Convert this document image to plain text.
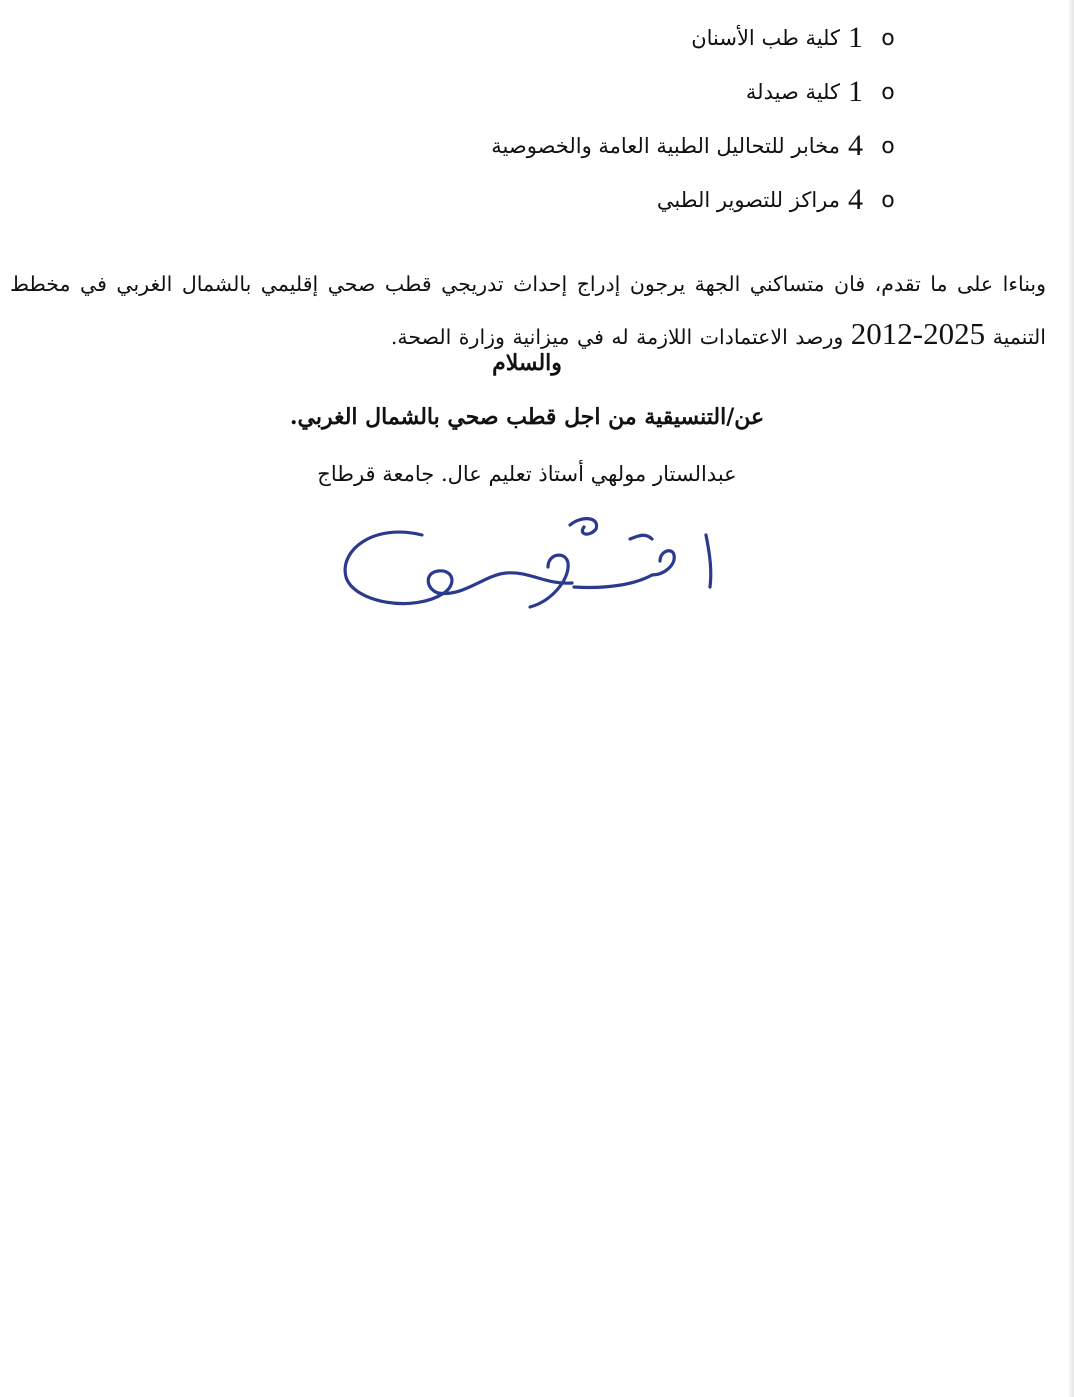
o
1
كلية طب الأسنان
o
1
كلية صيدلة
o
4
مخابر للتحاليل الطبية العامة والخصوصية
o
4
مراكز للتصوير الطبي

وبناءا على ما تقدم، فان متساكني الجهة يرجون إدراج إحداث تدريجي قطب صحي إقليمي بالشمال الغربي في مخطط التنمية 2012-2025 ورصد الاعتمادات اللازمة له في ميزانية وزارة الصحة.

والسلام
عن/التنسيقية من اجل قطب صحي بالشمال الغربي.
عبدالستار مولهي أستاذ تعليم عال. جامعة قرطاج
